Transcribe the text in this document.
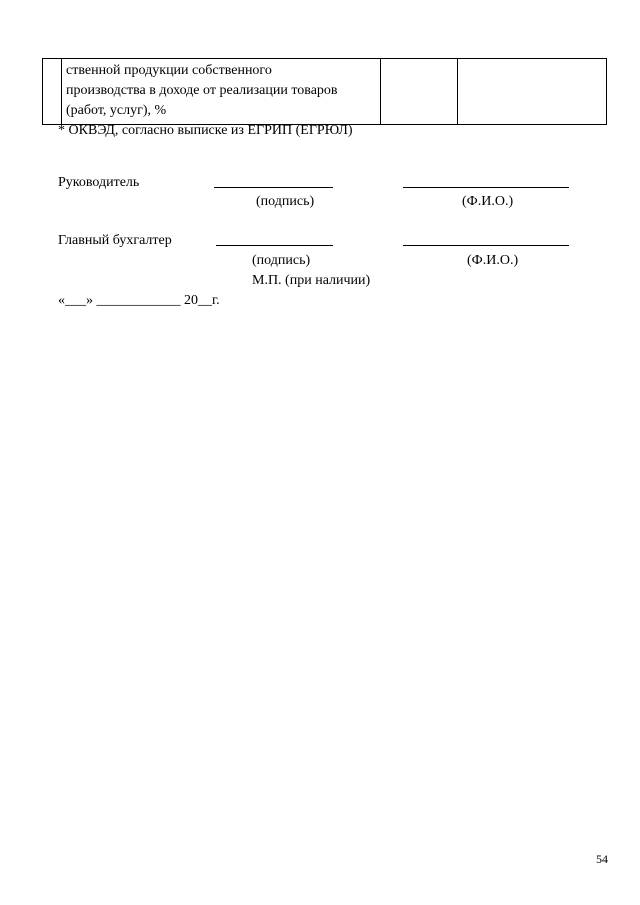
ственной продукции собственного
производства в доходе от реализации товаров
(работ, услуг), %

* ОКВЭД, согласно выписке из ЕГРИП (ЕГРЮЛ)
Руководитель
(подпись)	(Ф.И.О.)
Главный бухгалтер
(подпись)	(Ф.И.О.)
М.П. (при наличии)
«___» ____________ 20__г.
54
